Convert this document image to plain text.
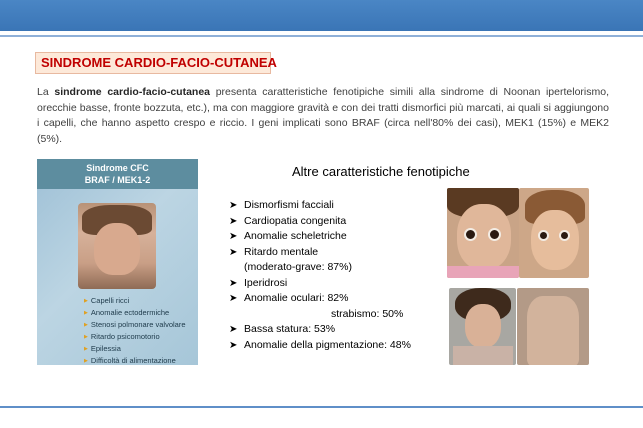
SINDROME CARDIO-FACIO-CUTANEA
La sindrome cardio-facio-cutanea presenta caratteristiche fenotipiche simili alla sindrome di Noonan ipertelorismo, orecchie basse, fronte bozzuta, etc.), ma con maggiore gravità e con dei tratti dismorfici più marcati, ai quali si aggiungono i capelli, che hanno aspetto crespo e riccio. I geni implicati sono BRAF (circa nell'80% dei casi), MEK1 (15%) e MEK2 (5%).
Sindrome CFC
BRAF / MEK1-2
▶ Capelli ricci
▶ Anomalie ectodermiche
▶ Stenosi polmonare valvolare
▶ Ritardo psicomotorio
▶ Epilessia
▶ Difficoltà di alimentazione
Altre caratteristiche fenotipiche
➤ Dismorfismi facciali
➤ Cardiopatia congenita
➤ Anomalie scheletriche
➤ Ritardo mentale
(moderato-grave: 87%)
➤ Iperidrosi
➤ Anomalie oculari: 82%
strabismo: 50%
➤ Bassa statura: 53%
➤ Anomalie della pigmentazione: 48%
